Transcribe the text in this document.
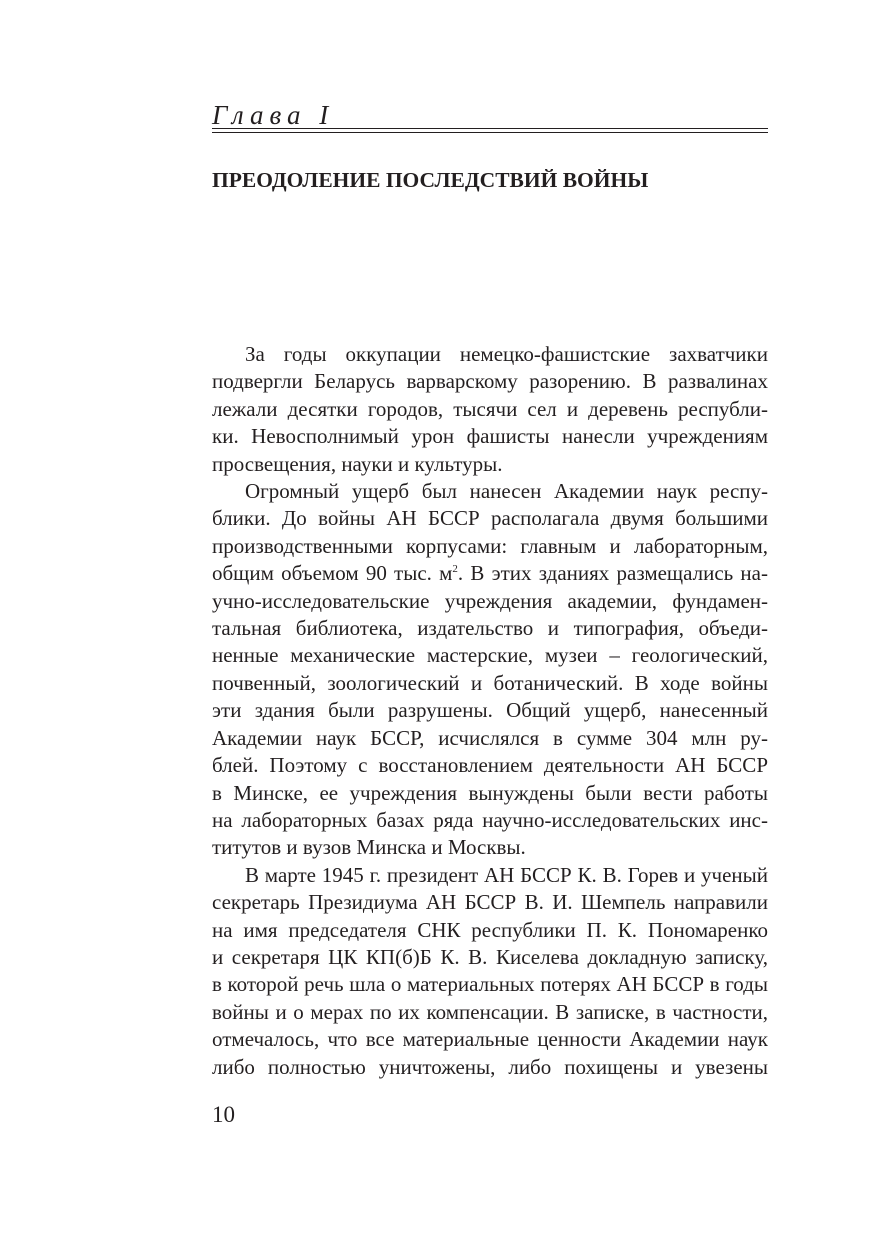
Глава I
ПРЕОДОЛЕНИЕ ПОСЛЕДСТВИЙ ВОЙНЫ
За годы оккупации немецко-фашистские захватчики
подвергли Беларусь варварскому разорению. В развалинах
лежали десятки городов, тысячи сел и деревень республи-
ки. Невосполнимый урон фашисты нанесли учреждениям
просвещения, науки и культуры.
Огромный ущерб был нанесен Академии наук респу-
блики. До войны АН БССР располагала двумя большими
производственными корпусами: главным и лабораторным,
общим объемом 90 тыс. $м^2$. В этих зданиях размещались на-
учно-исследовательские учреждения академии, фундамен-
тальная библиотека, издательство и типография, объеди-
ненные механические мастерские, музеи – геологический,
почвенный, зоологический и ботанический. В ходе войны
эти здания были разрушены. Общий ущерб, нанесенный
Академии наук БССР, исчислялся в сумме 304 млн ру-
блей. Поэтому с восстановлением деятельности АН БССР
в Минске, ее учреждения вынуждены были вести работы
на лабораторных базах ряда научно-исследовательских инс-
титутов и вузов Минска и Москвы.
В марте 1945 г. президент АН БССР К. В. Горев и ученый
секретарь Президиума АН БССР В. И. Шемпель направили
на имя председателя СНК республики П. К. Пономаренко
и секретаря ЦК КП(б)Б К. В. Киселева докладную записку,
в которой речь шла о материальных потерях АН БССР в годы
войны и о мерах по их компенсации. В записке, в частности,
отмечалось, что все материальные ценности Академии наук
либо полностью уничтожены, либо похищены и увезены
10
